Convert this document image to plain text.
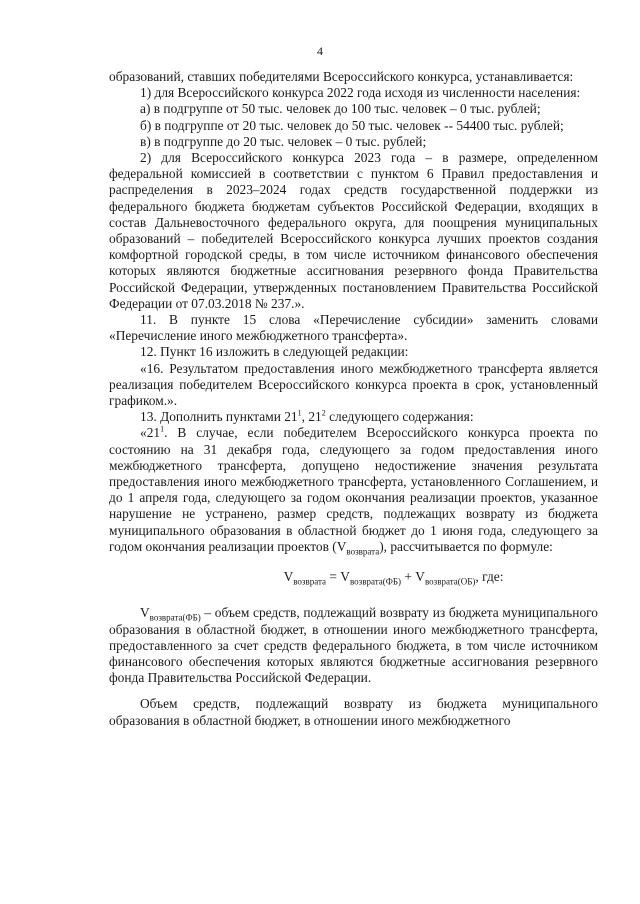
4

образований, ставших победителями Всероссийского конкурса, устанавливается:

1) для Всероссийского конкурса 2022 года исходя из численности населения:

а) в подгруппе от 50 тыс. человек до 100 тыс. человек – 0 тыс. рублей;

б) в подгруппе от 20 тыс. человек до 50 тыс. человек -- 54400 тыс. рублей;

в) в подгруппе до 20 тыс. человек – 0 тыс. рублей;

2) для Всероссийского конкурса 2023 года – в размере, определенном федеральной комиссией в соответствии с пунктом 6 Правил предоставления и распределения в 2023–2024 годах средств государственной поддержки из федерального бюджета бюджетам субъектов Российской Федерации, входящих в состав Дальневосточного федерального округа, для поощрения муниципальных образований – победителей Всероссийского конкурса лучших проектов создания комфортной городской среды, в том числе источником финансового обеспечения которых являются бюджетные ассигнования резервного фонда Правительства Российской Федерации, утвержденных постановлением Правительства Российской Федерации от 07.03.2018 № 237.».

11. В пункте 15 слова «Перечисление субсидии» заменить словами «Перечисление иного межбюджетного трансферта».

12. Пункт 16 изложить в следующей редакции:

«16. Результатом предоставления иного межбюджетного трансферта является реализация победителем Всероссийского конкурса проекта в срок, установленный графиком.».

13. Дополнить пунктами $21^1$, $21^2$ следующего содержания:

«$21^1$. В случае, если победителем Всероссийского конкурса проекта по состоянию на 31 декабря года, следующего за годом предоставления иного межбюджетного трансферта, допущено недостижение значения результата предоставления иного межбюджетного трансферта, установленного Соглашением, и до 1 апреля года, следующего за годом окончания реализации проектов, указанное нарушение не устранено, размер средств, подлежащих возврату из бюджета муниципального образования в областной бюджет до 1 июня года, следующего за годом окончания реализации проектов $(V_{возврата})$, рассчитывается по формуле:

$V_{возврата} = V_{возврата(ФБ)} + V_{возврата(ОБ)}$, где:

$V_{возврата(ФБ)}$ – объем средств, подлежащий возврату из бюджета муниципального образования в областной бюджет, в отношении иного межбюджетного трансферта, предоставленного за счет средств федерального бюджета, в том числе источником финансового обеспечения которых являются бюджетные ассигнования резервного фонда Правительства Российской Федерации.

Объем средств, подлежащий возврату из бюджета муниципального образования в областной бюджет, в отношении иного межбюджетного
